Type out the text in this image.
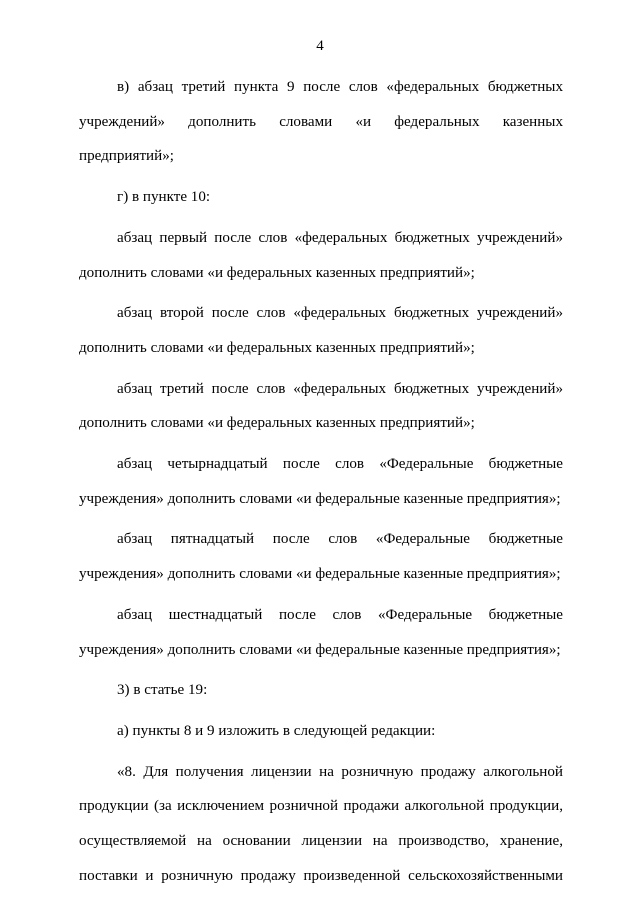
4

в) абзац третий пункта 9 после слов «федеральных бюджетных учреждений» дополнить словами «и федеральных казенных предприятий»;

г) в пункте 10:

абзац первый после слов «федеральных бюджетных учреждений» дополнить словами «и федеральных казенных предприятий»;

абзац второй после слов «федеральных бюджетных учреждений» дополнить словами «и федеральных казенных предприятий»;

абзац третий после слов «федеральных бюджетных учреждений» дополнить словами «и федеральных казенных предприятий»;

абзац четырнадцатый после слов «Федеральные бюджетные учреждения» дополнить словами «и федеральные казенные предприятия»;

абзац пятнадцатый после слов «Федеральные бюджетные учреждения» дополнить словами «и федеральные казенные предприятия»;

абзац шестнадцатый после слов «Федеральные бюджетные учреждения» дополнить словами «и федеральные казенные предприятия»;

3) в статье 19:

а) пункты 8 и 9 изложить в следующей редакции:

«8. Для получения лицензии на розничную продажу алкогольной продукции (за исключением розничной продажи алкогольной продукции, осуществляемой на основании лицензии на производство, хранение, поставки и розничную продажу произведенной сельскохозяйственными
